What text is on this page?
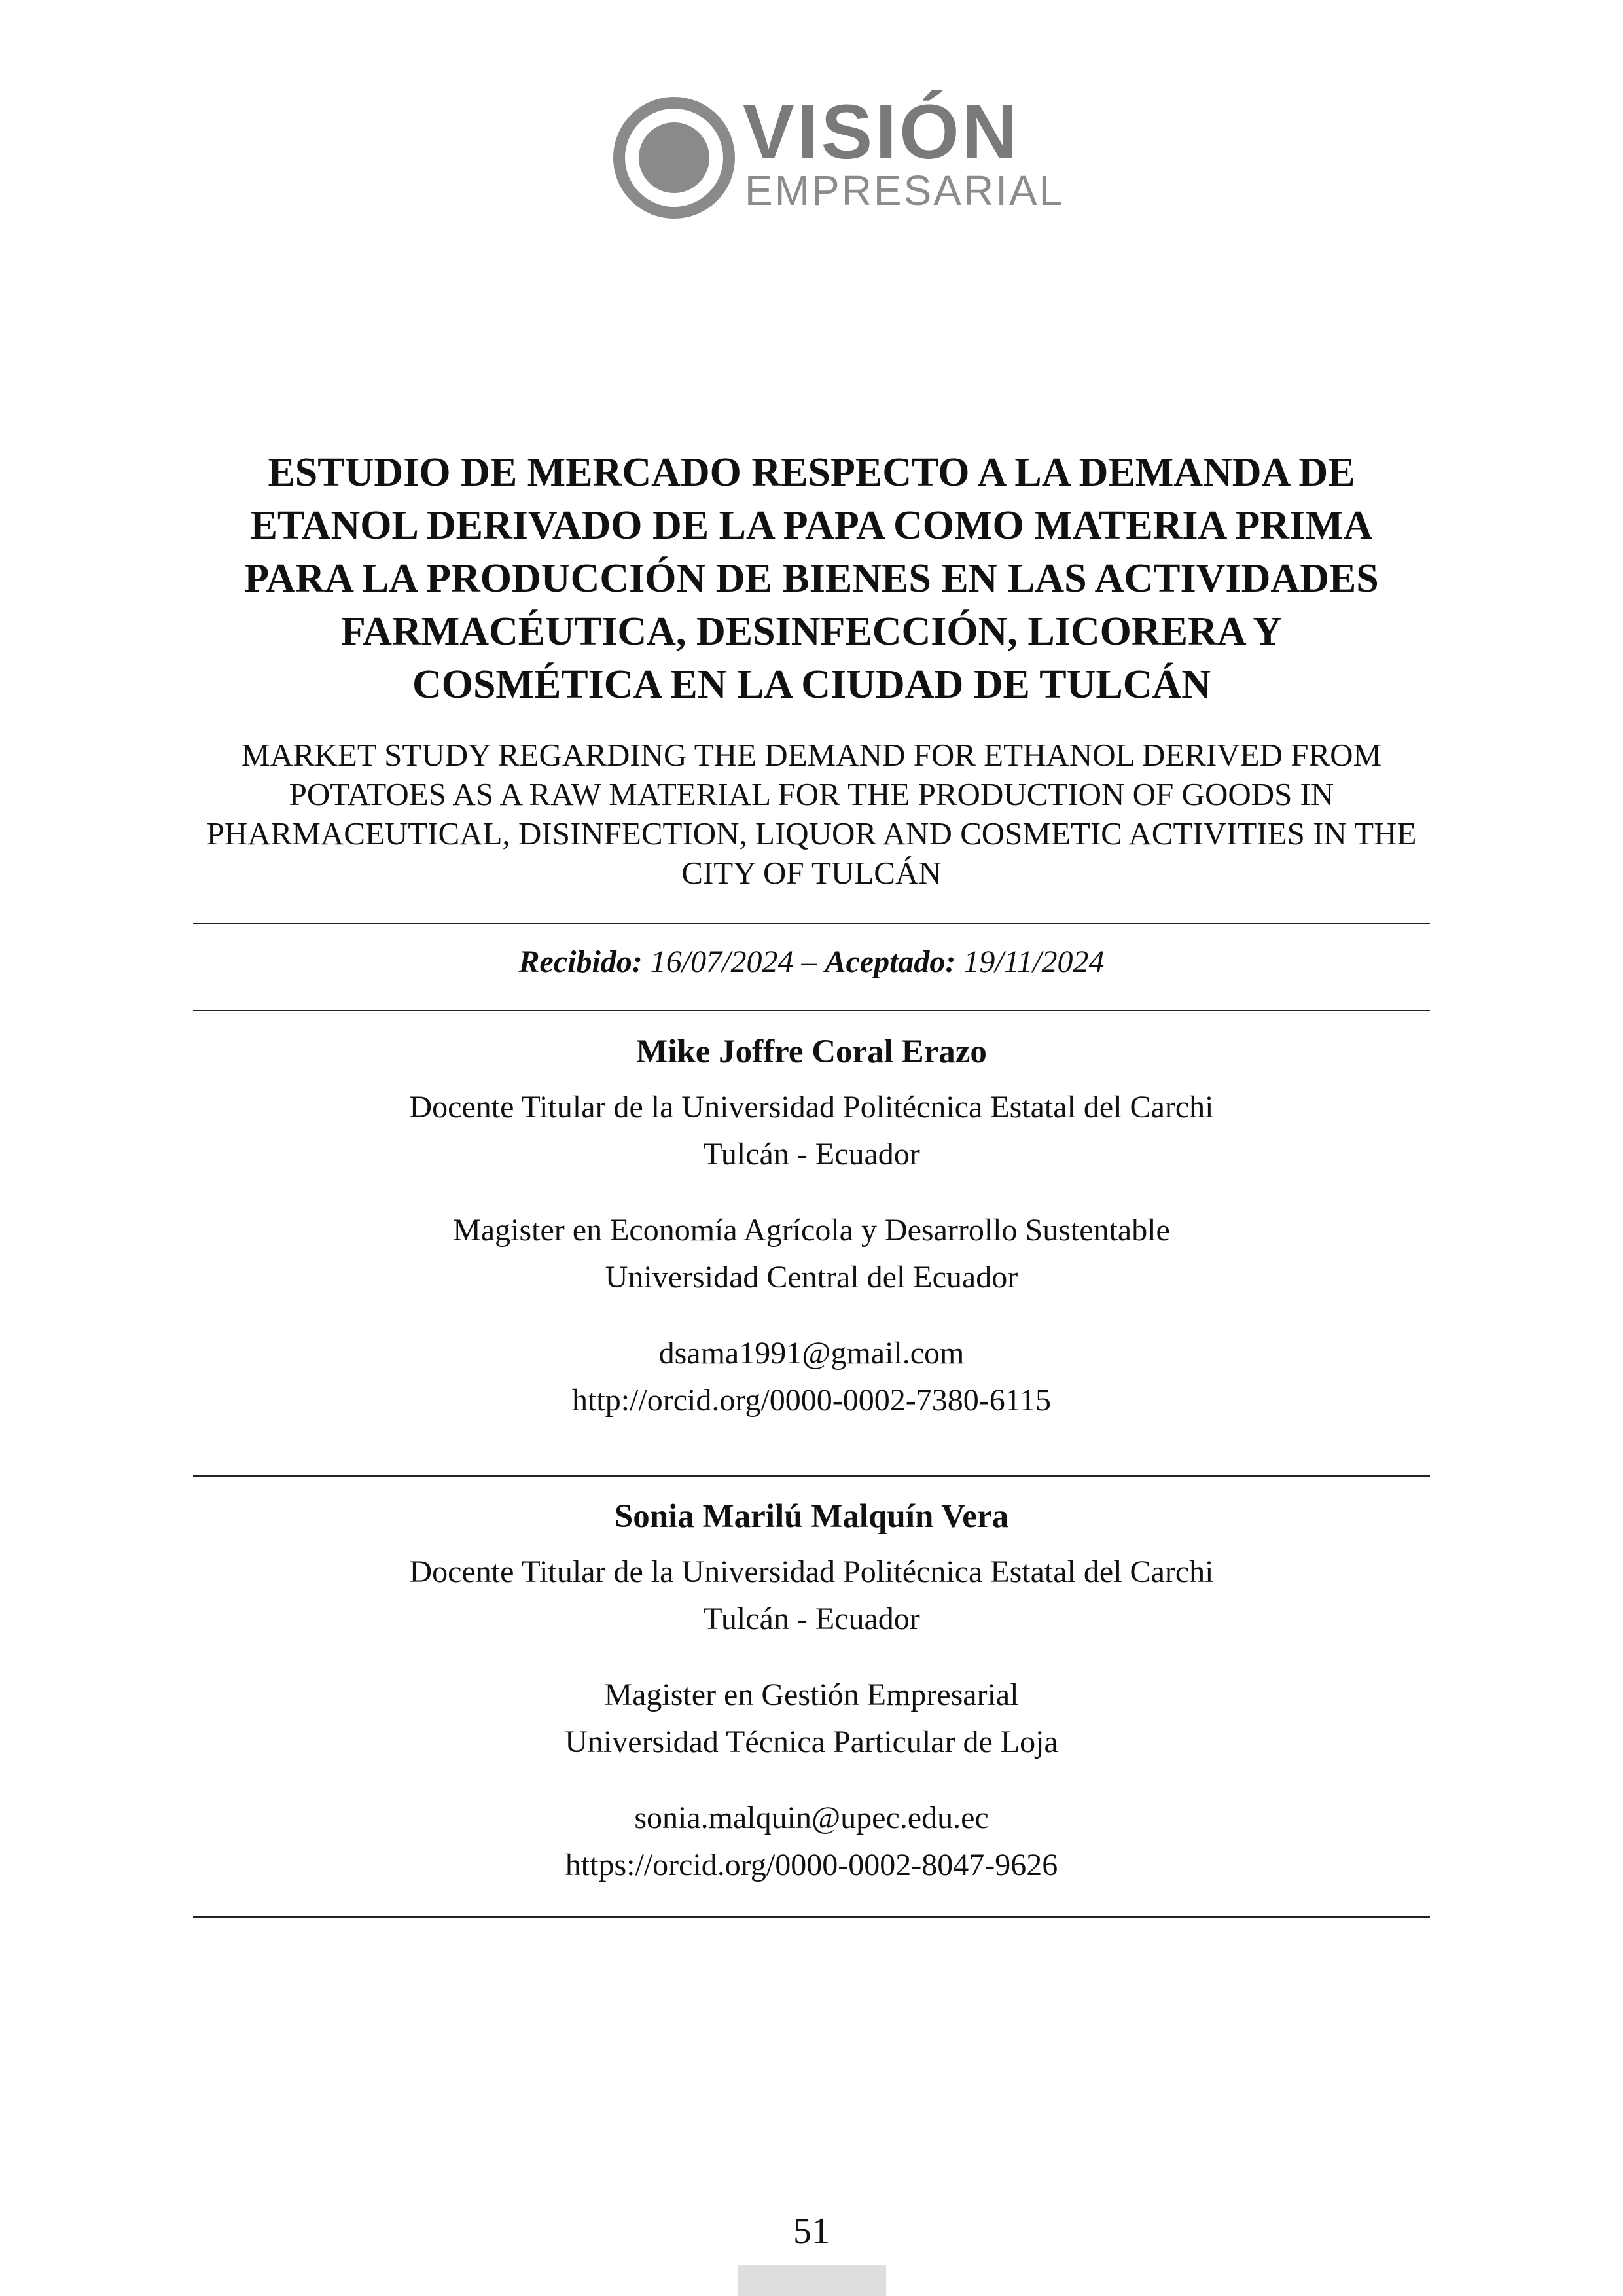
VISIÓN
EMPRESARIAL
ESTUDIO DE MERCADO RESPECTO A LA DEMANDA DE
ETANOL DERIVADO DE LA PAPA COMO MATERIA PRIMA
PARA LA PRODUCCIÓN DE BIENES EN LAS ACTIVIDADES
FARMACÉUTICA, DESINFECCIÓN, LICORERA Y
COSMÉTICA EN LA CIUDAD DE TULCÁN
MARKET STUDY REGARDING THE DEMAND FOR ETHANOL DERIVED FROM
POTATOES AS A RAW MATERIAL FOR THE PRODUCTION OF GOODS IN
PHARMACEUTICAL, DISINFECTION, LIQUOR AND COSMETIC ACTIVITIES IN THE
CITY OF TULCÁN
Recibido: 16/07/2024 – Aceptado: 19/11/2024

Mike Joffre Coral Erazo

Docente Titular de la Universidad Politécnica Estatal del Carchi

Tulcán - Ecuador

Magister en Economía Agrícola y Desarrollo Sustentable

Universidad Central del Ecuador

dsama1991@gmail.com

http://orcid.org/0000-0002-7380-6115

Sonia Marilú Malquín Vera

Docente Titular de la Universidad Politécnica Estatal del Carchi

Tulcán - Ecuador

Magister en Gestión Empresarial

Universidad Técnica Particular de Loja

sonia.malquin@upec.edu.ec

https://orcid.org/0000-0002-8047-9626

51
